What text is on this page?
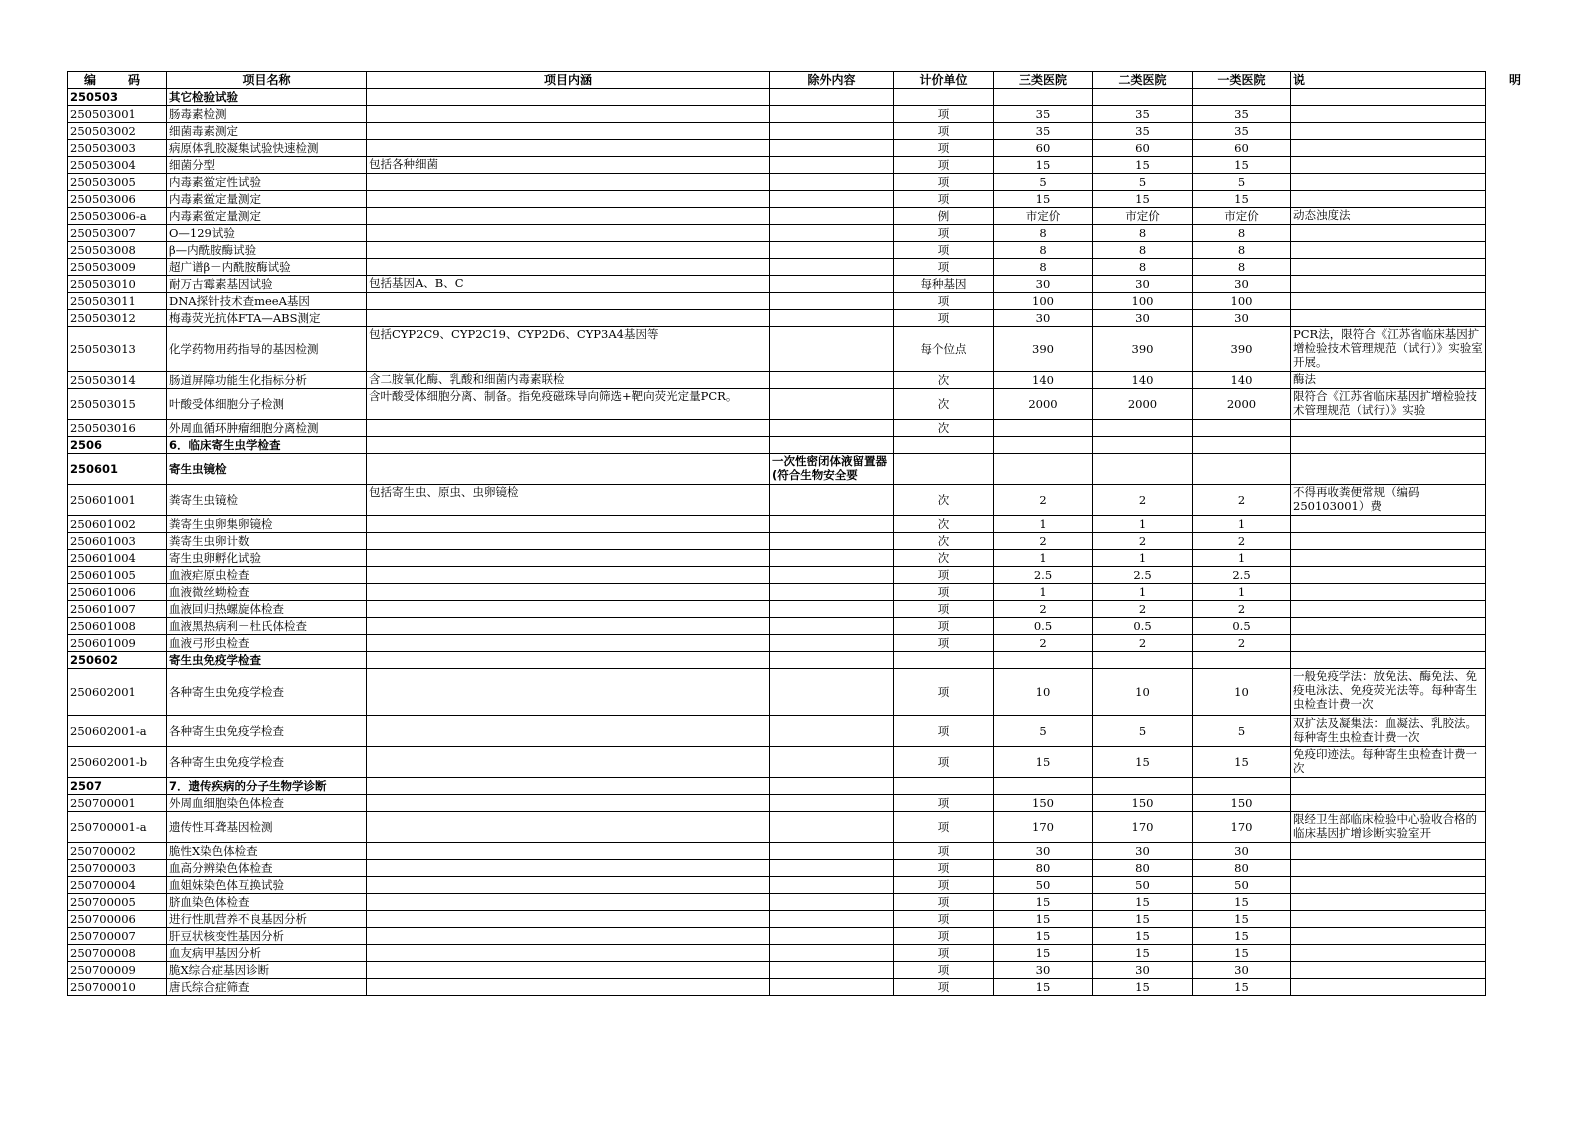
编　码	项目名称	项目内涵	除外内容	计价单位	三类医院	二类医院	一类医院	说　　明
250503	其它检验试验							
250503001	肠毒素检测			项	35	35	35	
250503002	细菌毒素测定			项	35	35	35	
250503003	病原体乳胶凝集试验快速检测			项	60	60	60	
250503004	细菌分型	包括各种细菌		项	15	15	15	
250503005	内毒素鲎定性试验			项	5	5	5	
250503006	内毒素鲎定量测定			项	15	15	15	
250503006-a	内毒素鲎定量测定			例	市定价	市定价	市定价	动态浊度法
250503007	O—129试验			项	8	8	8	
250503008	β—内酰胺酶试验			项	8	8	8	
250503009	超广谱β－内酰胺酶试验			项	8	8	8	
250503010	耐万古霉素基因试验	包括基因A、B、C		每种基因	30	30	30	
250503011	DNA探针技术查meeA基因			项	100	100	100	
250503012	梅毒荧光抗体FTA—ABS测定			项	30	30	30	
250503013	化学药物用药指导的基因检测	包括CYP2C9、CYP2C19、CYP2D6、CYP3A4基因等		每个位点	390	390	390	PCR法，限符合《江苏省临床基因扩增检验技术管理规范（试行）》实验室开展。
250503014	肠道屏障功能生化指标分析	含二胺氧化酶、乳酸和细菌内毒素联检		次	140	140	140	酶法
250503015	叶酸受体细胞分子检测	含叶酸受体细胞分离、制备。指免疫磁珠导向筛选+靶向荧光定量PCR。		次	2000	2000	2000	限符合《江苏省临床基因扩增检验技术管理规范（试行）》实验
250503016	外周血循环肿瘤细胞分离检测			次				
2506	6．临床寄生虫学检查							
250601	寄生虫镜检		一次性密闭体液留置器(符合生物安全要					
250601001	粪寄生虫镜检	包括寄生虫、原虫、虫卵镜检		次	2	2	2	不得再收粪便常规（编码250103001）费
250601002	粪寄生虫卵集卵镜检			次	1	1	1	
250601003	粪寄生虫卵计数			次	2	2	2	
250601004	寄生虫卵孵化试验			次	1	1	1	
250601005	血液疟原虫检查			项	2.5	2.5	2.5	
250601006	血液微丝蚴检查			项	1	1	1	
250601007	血液回归热螺旋体检查			项	2	2	2	
250601008	血液黑热病利－杜氏体检查			项	0.5	0.5	0.5	
250601009	血液弓形虫检查			项	2	2	2	
250602	寄生虫免疫学检查							
250602001	各种寄生虫免疫学检查			项	10	10	10	一般免疫学法：放免法、酶免法、免疫电泳法、免疫荧光法等。每种寄生虫检查计费一次
250602001-a	各种寄生虫免疫学检查			项	5	5	5	双扩法及凝集法：血凝法、乳胶法。每种寄生虫检查计费一次
250602001-b	各种寄生虫免疫学检查			项	15	15	15	免疫印迹法。每种寄生虫检查计费一次
2507	7．遗传疾病的分子生物学诊断							
250700001	外周血细胞染色体检查			项	150	150	150	
250700001-a	遗传性耳聋基因检测			项	170	170	170	限经卫生部临床检验中心验收合格的临床基因扩增诊断实验室开
250700002	脆性X染色体检查			项	30	30	30	
250700003	血高分辨染色体检查			项	80	80	80	
250700004	血姐妹染色体互换试验			项	50	50	50	
250700005	脐血染色体检查			项	15	15	15	
250700006	进行性肌营养不良基因分析			项	15	15	15	
250700007	肝豆状核变性基因分析			项	15	15	15	
250700008	血友病甲基因分析			项	15	15	15	
250700009	脆X综合症基因诊断			项	30	30	30	
250700010	唐氏综合症筛查			项	15	15	15	
